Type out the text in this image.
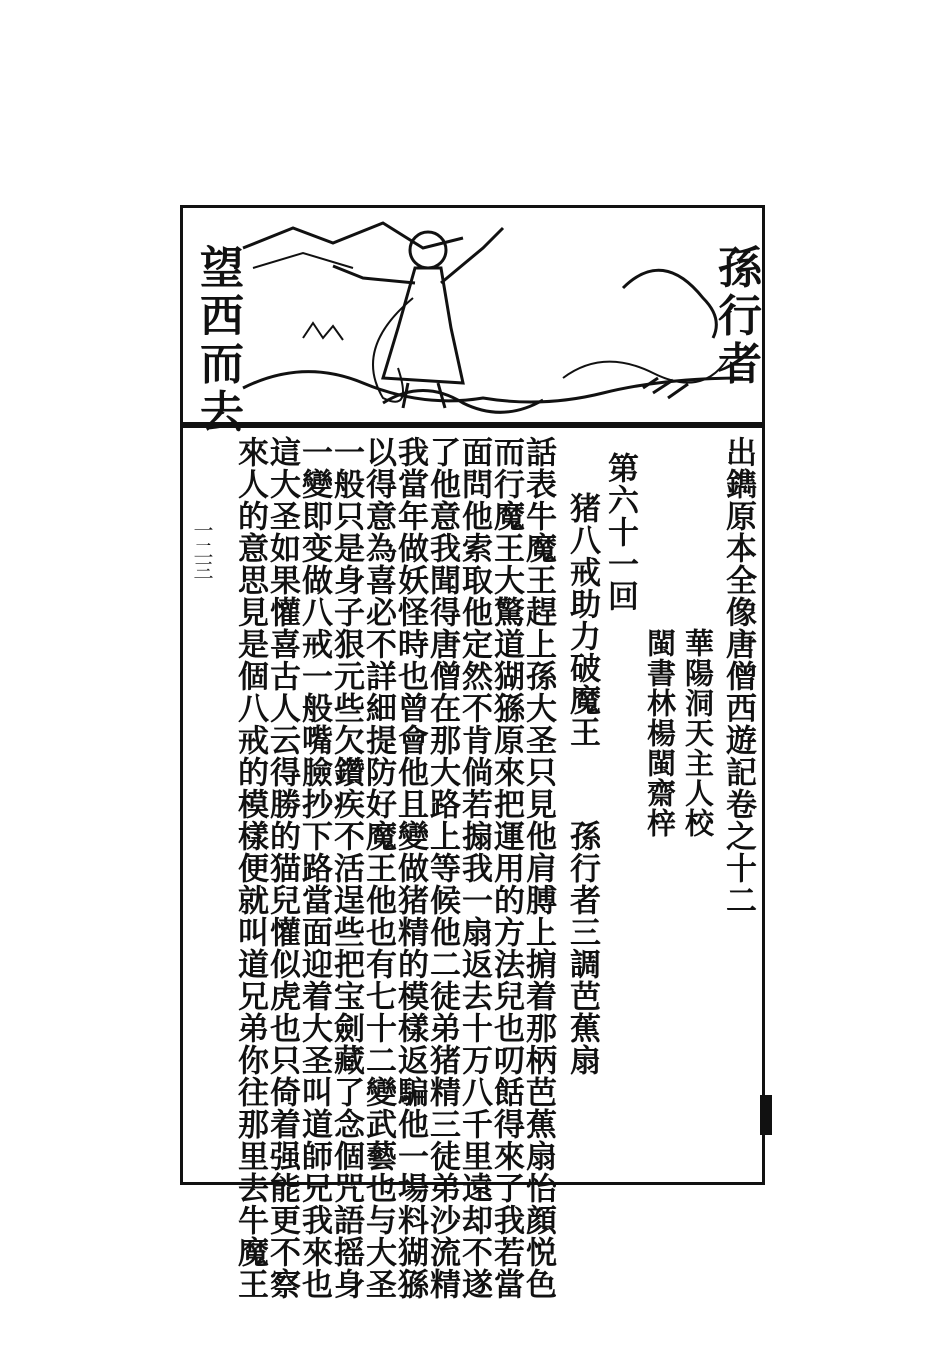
望
西
而
去
孫
行
者
出鐫原本全像唐僧西遊記卷之十二
華陽洞天主人校
閩書林楊閩齋梓
第六十一回
猪八戒助力破魔王
孫行者三調芭蕉扇
話表牛魔王趕上孫大圣只見他肩膊上掮着那柄芭蕉扇怡顔悦色
而行魔王大驚道猢猻原來把運用的方法兒也叨餂得來了我若當
面問他索取他定然不肯倘若搧我一扇返去十万八千里遠却不遂
了他意我聞得唐僧在那大路上等候他二徒弟猪精三徒弟沙流精
我當年做妖怪時也曾會他且變做猪精的模樣返騙他一場料猢猻
以得意為喜必不詳細提防好魔王他也有七十二變武藝也与大圣
一般只是身子狠元些欠鑽疾不活逞些把宝劍藏了念個咒語摇身
一變即变做八戒一般嘴臉抄下路當面迎着大圣叫道師兄我來也
這大圣如果懽喜古人云得勝的猫兒懽似虎也只倚着强能更不察
來人的意思見是個八戒的模樣便就叫道兄弟你往那里去牛魔王
一二三
